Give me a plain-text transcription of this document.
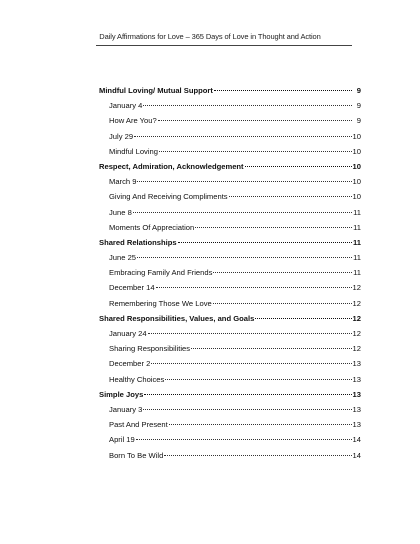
Daily Affirmations for Love – 365 Days of Love in Thought and Action
Mindful Loving/ Mutual Support	9
January 4	9
How Are You?	9
July 29	10
Mindful Loving	10
Respect, Admiration, Acknowledgement	10
March 9	10
Giving And Receiving Compliments	10
June 8	11
Moments Of Appreciation	11
Shared Relationships	11
June 25	11
Embracing Family And Friends	11
December 14	12
Remembering Those We Love	12
Shared Responsibilities, Values, and Goals	12
January 24	12
Sharing Responsibilities	12
December 2	13
Healthy Choices	13
Simple Joys	13
January 3	13
Past And Present	13
April 19	14
Born To Be Wild	14
